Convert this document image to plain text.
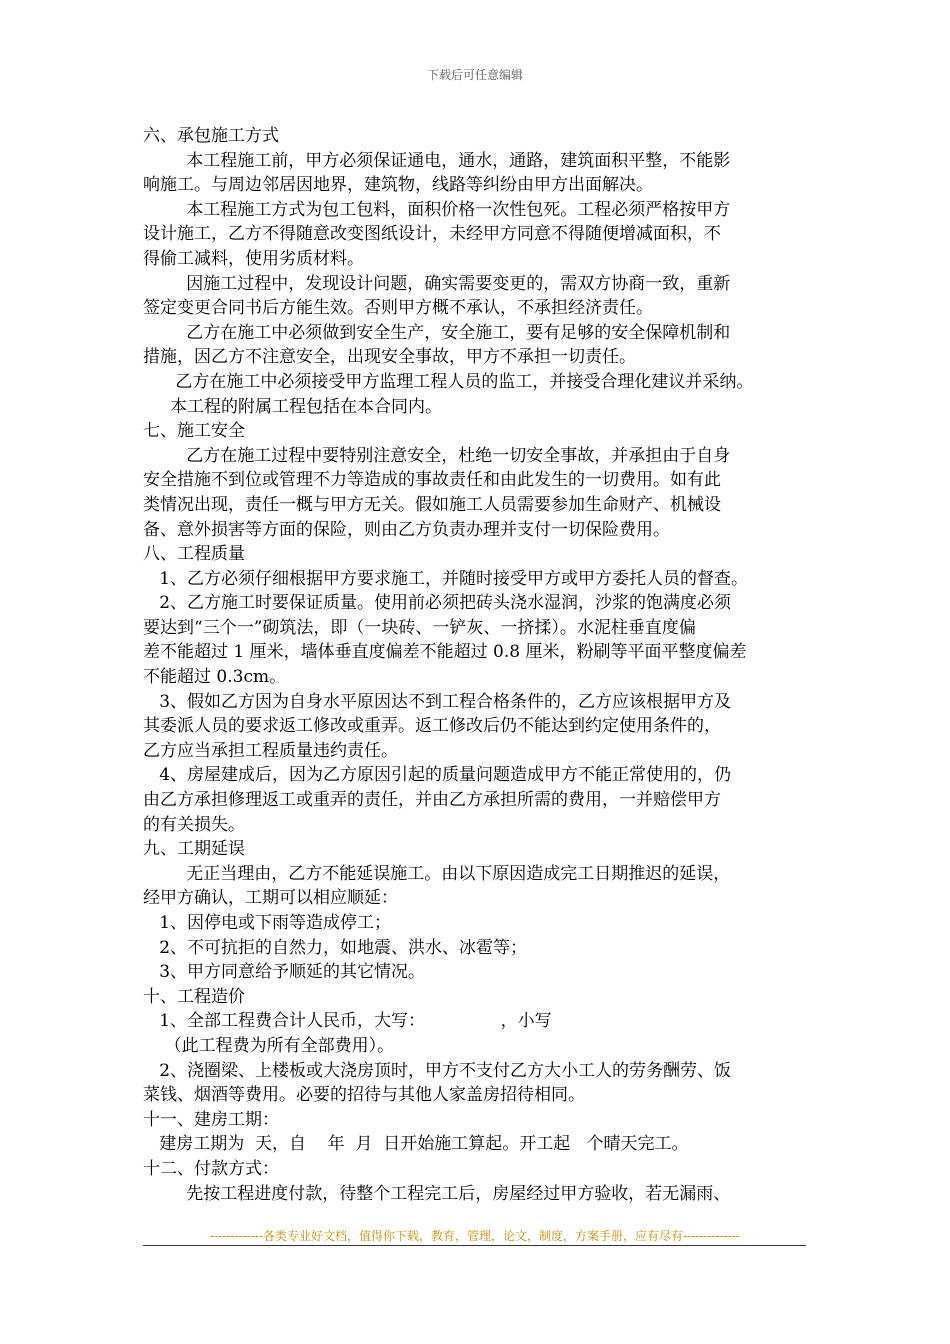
下载后可任意编辑
六、承包施工方式
本工程施工前，甲方必须保证通电，通水，通路，建筑面积平整，不能影
响施工。与周边邻居因地界，建筑物，线路等纠纷由甲方出面解决。
本工程施工方式为包工包料，面积价格一次性包死。工程必须严格按甲方
设计施工，乙方不得随意改变图纸设计，未经甲方同意不得随便增减面积，不
得偷工减料，使用劣质材料。
因施工过程中，发现设计问题，确实需要变更的，需双方协商一致，重新
签定变更合同书后方能生效。否则甲方概不承认，不承担经济责任。
乙方在施工中必须做到安全生产，安全施工，要有足够的安全保障机制和
措施，因乙方不注意安全，出现安全事故，甲方不承担一切责任。
乙方在施工中必须接受甲方监理工程人员的监工，并接受合理化建议并采纳。
本工程的附属工程包括在本合同内。
七、施工安全
乙方在施工过程中要特别注意安全，杜绝一切安全事故，并承担由于自身
安全措施不到位或管理不力等造成的事故责任和由此发生的一切费用。如有此
类情况出现，责任一概与甲方无关。假如施工人员需要参加生命财产、机械设
备、意外损害等方面的保险，则由乙方负责办理并支付一切保险费用。
八、工程质量
1、乙方必须仔细根据甲方要求施工，并随时接受甲方或甲方委托人员的督查。
2、乙方施工时要保证质量。使用前必须把砖头浇水湿润，沙浆的饱满度必须
要达到“三个一”砌筑法，即（一块砖、一铲灰、一挤揉）。水泥柱垂直度偏
差不能超过 1 厘米，墙体垂直度偏差不能超过 0.8 厘米，粉刷等平面平整度偏差
不能超过 0.3cm。
3、假如乙方因为自身水平原因达不到工程合格条件的，乙方应该根据甲方及
其委派人员的要求返工修改或重弄。返工修改后仍不能达到约定使用条件的，
乙方应当承担工程质量违约责任。
4、房屋建成后，因为乙方原因引起的质量问题造成甲方不能正常使用的，仍
由乙方承担修理返工或重弄的责任，并由乙方承担所需的费用，一并赔偿甲方
的有关损失。
九、工期延误
无正当理由，乙方不能延误施工。由以下原因造成完工日期推迟的延误，
经甲方确认，工期可以相应顺延：
1、因停电或下雨等造成停工；
2、不可抗拒的自然力，如地震、洪水、冰雹等；
3、甲方同意给予顺延的其它情况。
十、工程造价
1、全部工程费合计人民币，大写：              ，小写
（此工程费为所有全部费用）。
2、浇圈梁、上楼板或大浇房顶时，甲方不支付乙方大小工人的劳务酬劳、饭
菜钱、烟酒等费用。必要的招待与其他人家盖房招待相同。
十一、建房工期：
建房工期为  天，自    年  月  日开始施工算起。开工起   个晴天完工。
十二、付款方式：
先按工程进度付款，待整个工程完工后，房屋经过甲方验收，若无漏雨、
-------------各类专业好文档，值得你下载，教育，管理，论文，制度，方案手册，应有尽有--------------
